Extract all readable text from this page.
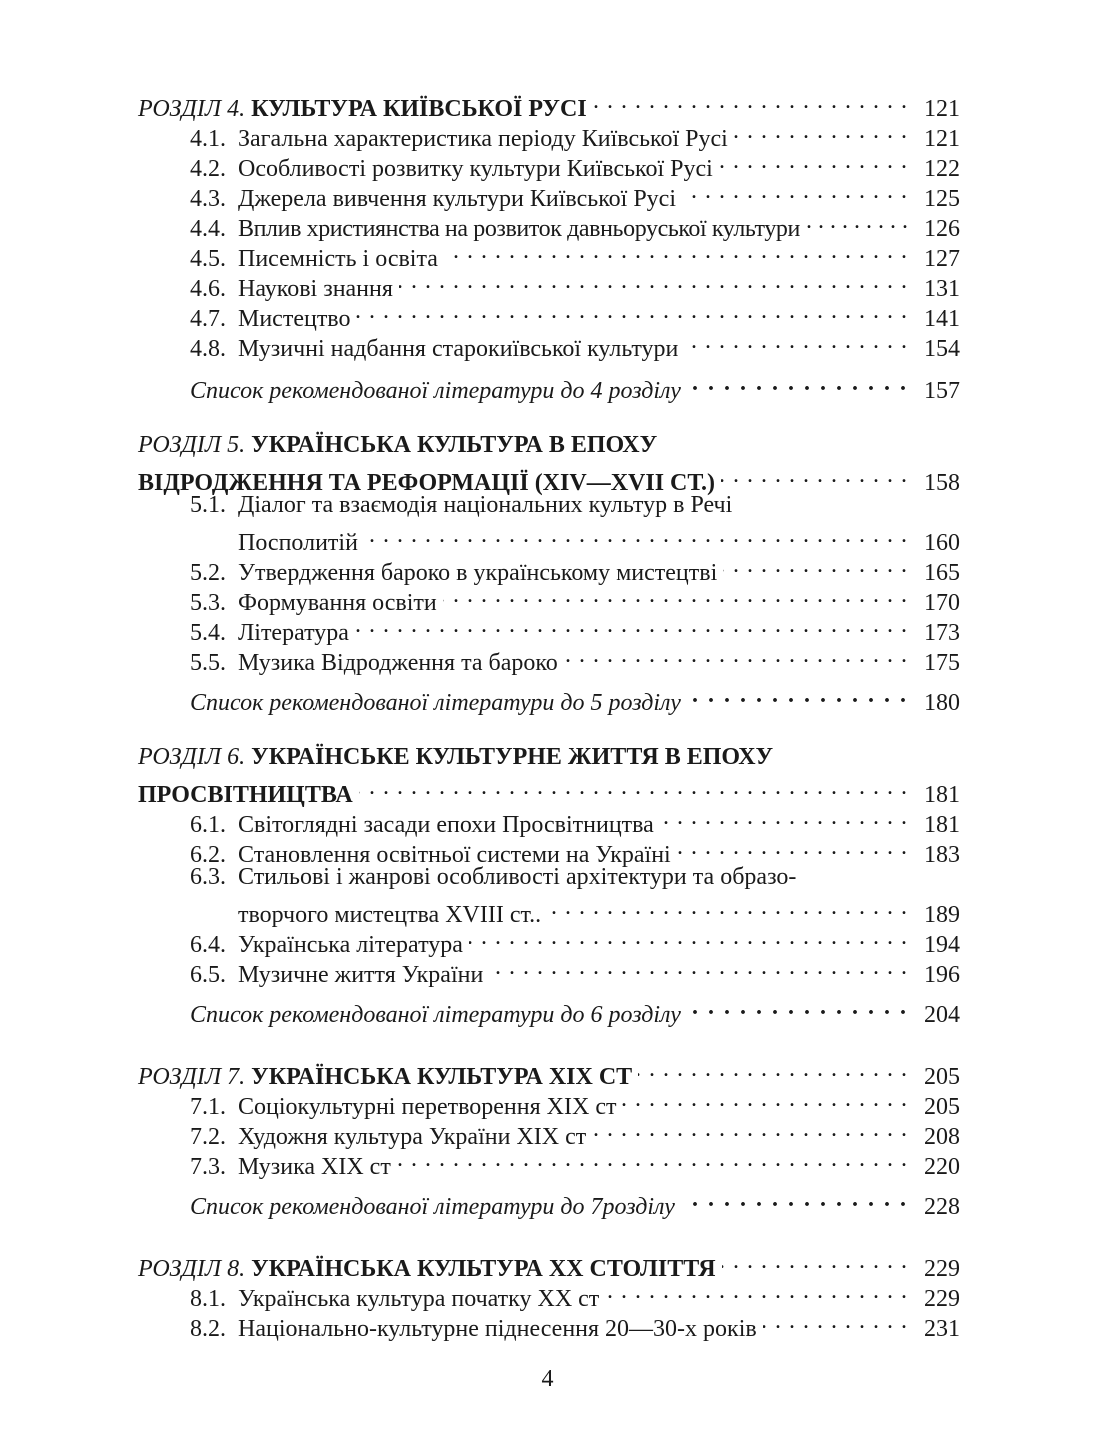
РОЗДІЛ 4 . КУЛЬТУРА КИЇВСЬКОЇ РУСІ . . .	121
4.1. Загальна характеристика періоду Київської Русі . . .	121
4.2. Особливості розвитку культури Київської Русі . . .	122
4.3. Джерела вивчення культури Київської Русі . . .	125
4.4. Вплив християнства на розвиток давньоруської культури . . .	126
4.5. Писемність і освіта . . .	127
4.6. Наукові знання . . .	131
4.7. Мистецтво . . .	141
4.8. Музичні надбання старокиївської культури . . .	154
Список рекомендованої літератури до 4 розділу . . .	157
РОЗДІЛ 5. УКРАЇНСЬКА КУЛЬТУРА В ЕПОХУ
ВІДРОДЖЕННЯ ТА РЕФОРМАЦІЇ (XIV—XVII СТ.) . . .	158
5.1. Діалог та взаємодія національних культур в Речі
Посполитій . . .	160
5.2. Утвердження бароко в українському мистецтві . . .	165
5.3. Формування освіти . . .	170
5.4. Література . . .	173
5.5. Музика Відродження та бароко . . .	175
Список рекомендованої літератури до 5 розділу . . .	180
РОЗДІЛ 6. УКРАЇНСЬКЕ КУЛЬТУРНЕ ЖИТТЯ В ЕПОХУ
ПРОСВІТНИЦТВА . . .	181
6.1. Світоглядні засади епохи Просвітництва . . .	181
6.2. Становлення освітньої системи на Україні . . .	183
6.3. Стильові і жанрові особливості архітектури та образо-
творчого мистецтва XVIII ст.. . . .	189
6.4. Українська література . . .	194
6.5. Музичне життя України . . .	196
Список рекомендованої літератури до 6 розділу . . .	204
РОЗДІЛ 7 . УКРАЇНСЬКА КУЛЬТУРА XIX СТ . . .	205
7.1. Соціокультурні перетворення XIX ст . . .	205
7.2. Художня культура України XIX ст . . .	208
7.3. Музика XIX ст . . .	220
Список рекомендованої літератури до 7розділу . . .	228
РОЗДІЛ 8 . УКРАЇНСЬКА КУЛЬТУРА XX СТОЛІТТЯ . . .	229
8.1. Українська культура початку XX ст . . .	229
8.2. Національно-культурне піднесення 20—30-х років . . .	231
4
